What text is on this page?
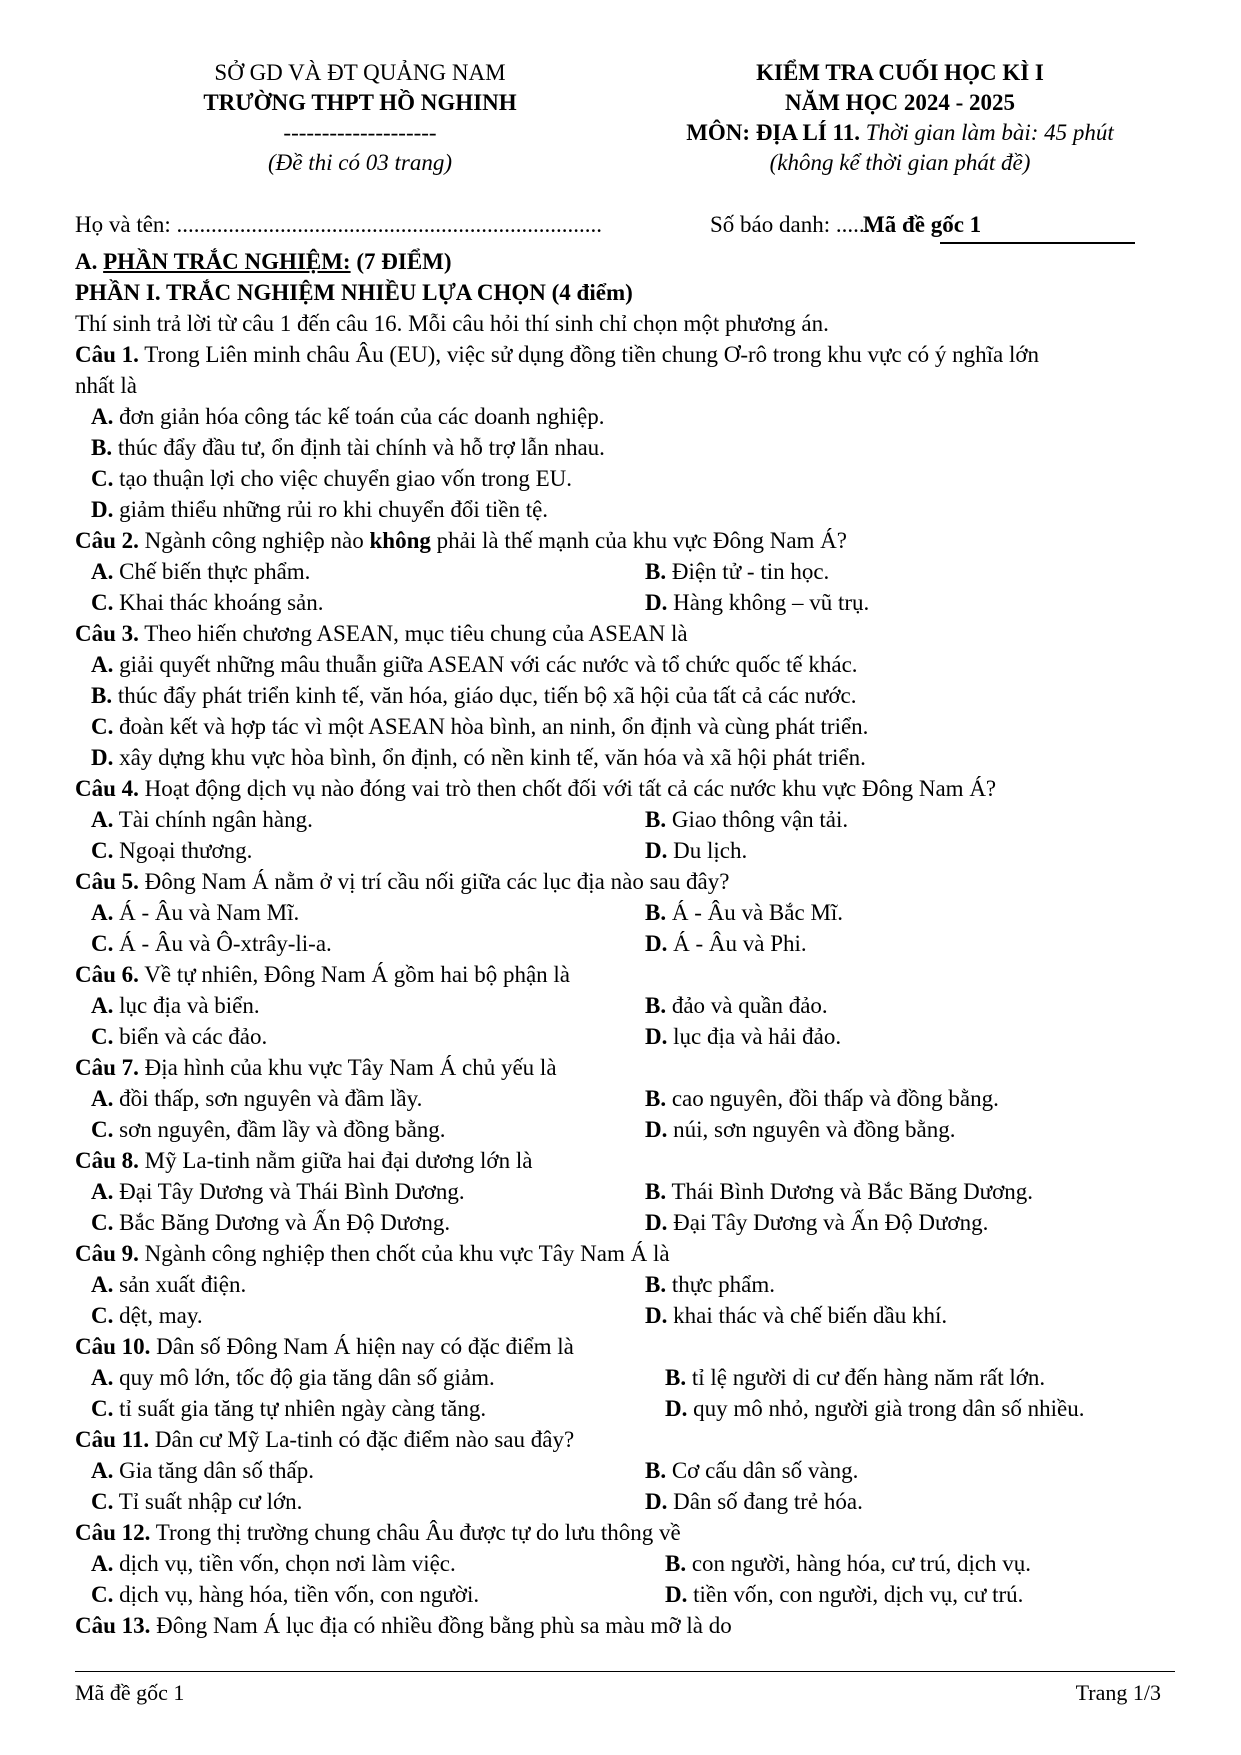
SỞ GD VÀ ĐT QUẢNG NAM
TRƯỜNG THPT HỒ NGHINH
--------------------
(Đề thi có 03 trang)
KIỂM TRA CUỐI HỌC KÌ I
NĂM HỌC 2024 - 2025
MÔN: ĐỊA LÍ 11. Thời gian làm bài: 45 phút
(không kể thời gian phát đề)
Họ và tên: ..........................................................................	Số báo danh: .......
Mã đề gốc 1
A. PHẦN TRẮC NGHIỆM: (7 ĐIỂM)
PHẦN I. TRẮC NGHIỆM NHIỀU LỰA CHỌN (4 điểm)
Thí sinh trả lời từ câu 1 đến câu 16. Mỗi câu hỏi thí sinh chỉ chọn một phương án.
Câu 1. Trong Liên minh châu Âu (EU), việc sử dụng đồng tiền chung Ơ-rô trong khu vực có ý nghĩa lớn
nhất là
A. đơn giản hóa công tác kế toán của các doanh nghiệp.
B. thúc đẩy đầu tư, ổn định tài chính và hỗ trợ lẫn nhau.
C. tạo thuận lợi cho việc chuyển giao vốn trong EU.
D. giảm thiểu những rủi ro khi chuyển đổi tiền tệ.
Câu 2. Ngành công nghiệp nào không phải là thế mạnh của khu vực Đông Nam Á?
A. Chế biến thực phẩm.	B. Điện tử - tin học.
C. Khai thác khoáng sản.	D. Hàng không – vũ trụ.
Câu 3. Theo hiến chương ASEAN, mục tiêu chung của ASEAN là
A. giải quyết những mâu thuẫn giữa ASEAN với các nước và tổ chức quốc tế khác.
B. thúc đẩy phát triển kinh tế, văn hóa, giáo dục, tiến bộ xã hội của tất cả các nước.
C. đoàn kết và hợp tác vì một ASEAN hòa bình, an ninh, ổn định và cùng phát triển.
D. xây dựng khu vực hòa bình, ổn định, có nền kinh tế, văn hóa và xã hội phát triển.
Câu 4. Hoạt động dịch vụ nào đóng vai trò then chốt đối với tất cả các nước khu vực Đông Nam Á?
A. Tài chính ngân hàng.	B. Giao thông vận tải.
C. Ngoại thương.	D. Du lịch.
Câu 5. Đông Nam Á nằm ở vị trí cầu nối giữa các lục địa nào sau đây?
A. Á - Âu và Nam Mĩ.	B. Á - Âu và Bắc Mĩ.
C. Á - Âu và Ô-xtrây-li-a.	D. Á - Âu và Phi.
Câu 6. Về tự nhiên, Đông Nam Á gồm hai bộ phận là
A. lục địa và biển.	B. đảo và quần đảo.
C. biển và các đảo.	D. lục địa và hải đảo.
Câu 7. Địa hình của khu vực Tây Nam Á chủ yếu là
A. đồi thấp, sơn nguyên và đầm lầy.	B. cao nguyên, đồi thấp và đồng bằng.
C. sơn nguyên, đầm lầy và đồng bằng.	D. núi, sơn nguyên và đồng bằng.
Câu 8. Mỹ La-tinh nằm giữa hai đại dương lớn là
A. Đại Tây Dương và Thái Bình Dương.	B. Thái Bình Dương và Bắc Băng Dương.
C. Bắc Băng Dương và Ấn Độ Dương.	D. Đại Tây Dương và Ấn Độ Dương.
Câu 9. Ngành công nghiệp then chốt của khu vực Tây Nam Á là
A. sản xuất điện.	B. thực phẩm.
C. dệt, may.	D. khai thác và chế biến dầu khí.
Câu 10. Dân số Đông Nam Á hiện nay có đặc điểm là
A. quy mô lớn, tốc độ gia tăng dân số giảm.	B. tỉ lệ người di cư đến hàng năm rất lớn.
C. tỉ suất gia tăng tự nhiên ngày càng tăng.	D. quy mô nhỏ, người già trong dân số nhiều.
Câu 11. Dân cư Mỹ La-tinh có đặc điểm nào sau đây?
A. Gia tăng dân số thấp.	B. Cơ cấu dân số vàng.
C. Tỉ suất nhập cư lớn.	D. Dân số đang trẻ hóa.
Câu 12. Trong thị trường chung châu Âu được tự do lưu thông về
A. dịch vụ, tiền vốn, chọn nơi làm việc.	B. con người, hàng hóa, cư trú, dịch vụ.
C. dịch vụ, hàng hóa, tiền vốn, con người.	D. tiền vốn, con người, dịch vụ, cư trú.
Câu 13. Đông Nam Á lục địa có nhiều đồng bằng phù sa màu mỡ là do
Mã đề gốc 1	Trang 1/3
